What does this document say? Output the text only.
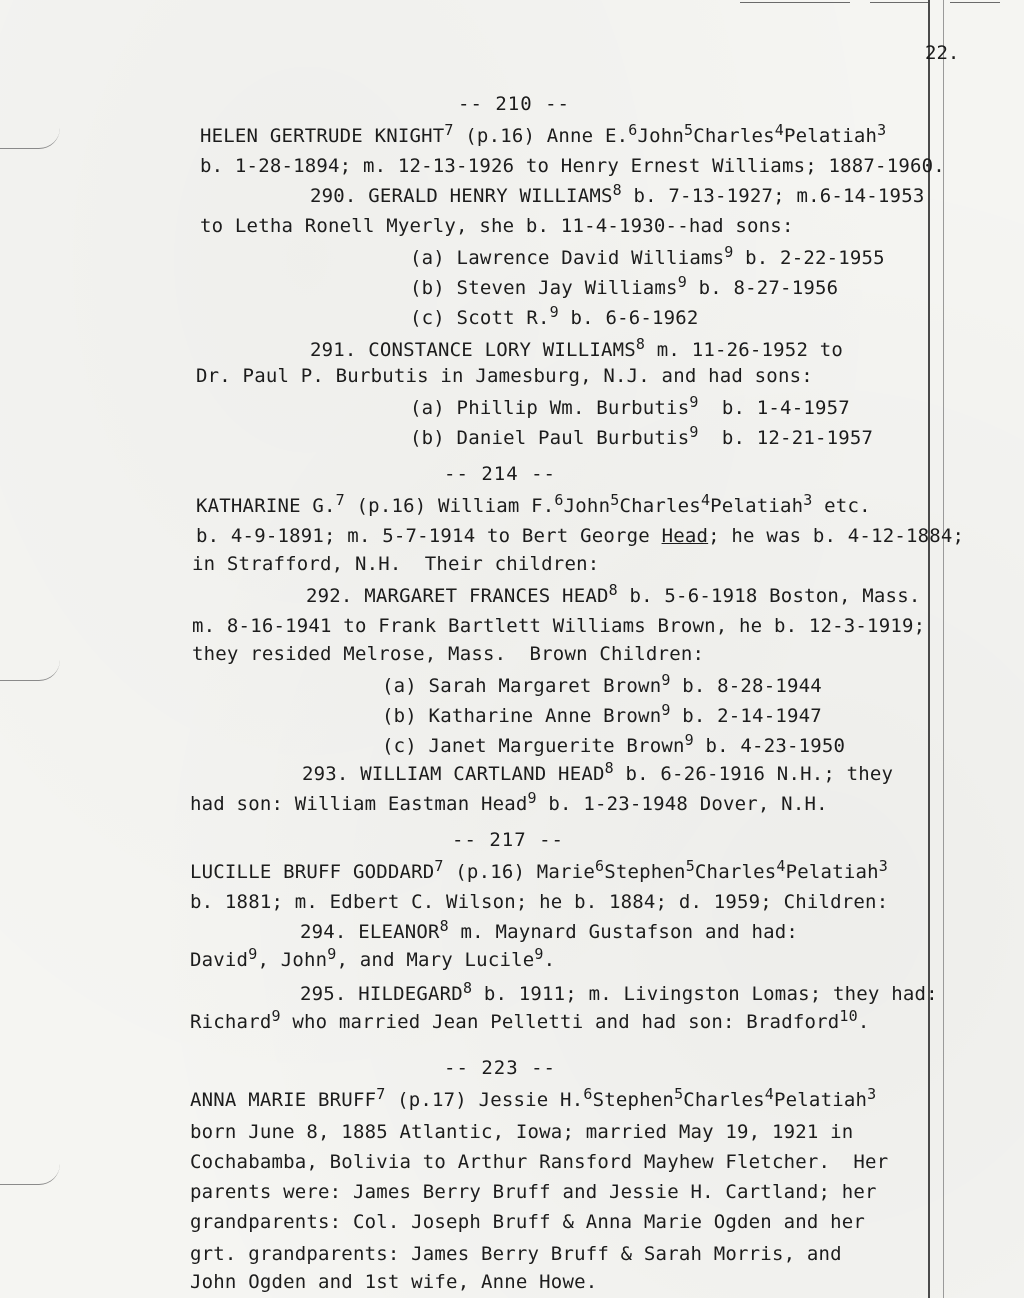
22.
-- 210 --
HELEN GERTRUDE KNIGHT$^7$ (p.16) Anne E.$^6$John$^5$Charles$^4$Pelatiah$^3$
b. 1-28-1894; m. 12-13-1926 to Henry Ernest Williams; 1887-1960.
290. GERALD HENRY WILLIAMS$^8$ b. 7-13-1927; m.6-14-1953
to Letha Ronell Myerly, she b. 11-4-1930--had sons:
(a) Lawrence David Williams$^9$ b. 2-22-1955
(b) Steven Jay Williams$^9$ b. 8-27-1956
(c) Scott R.$^9$ b. 6-6-1962
291. CONSTANCE LORY WILLIAMS$^8$ m. 11-26-1952 to
Dr. Paul P. Burbutis in Jamesburg, N.J. and had sons:
(a) Phillip Wm. Burbutis$^9$  b. 1-4-1957
(b) Daniel Paul Burbutis$^9$  b. 12-21-1957
-- 214 --
KATHARINE G.$^7$ (p.16) William F.$^6$John$^5$Charles$^4$Pelatiah$^3$ etc.
b. 4-9-1891; m. 5-7-1914 to Bert George Head; he was b. 4-12-1884;
in Strafford, N.H.  Their children:
292. MARGARET FRANCES HEAD$^8$ b. 5-6-1918 Boston, Mass.
m. 8-16-1941 to Frank Bartlett Williams Brown, he b. 12-3-1919;
they resided Melrose, Mass.  Brown Children:
(a) Sarah Margaret Brown$^9$ b. 8-28-1944
(b) Katharine Anne Brown$^9$ b. 2-14-1947
(c) Janet Marguerite Brown$^9$ b. 4-23-1950
293. WILLIAM CARTLAND HEAD$^8$ b. 6-26-1916 N.H.; they
had son: William Eastman Head$^9$ b. 1-23-1948 Dover, N.H.
-- 217 --
LUCILLE BRUFF GODDARD$^7$ (p.16) Marie$^6$Stephen$^5$Charles$^4$Pelatiah$^3$
b. 1881; m. Edbert C. Wilson; he b. 1884; d. 1959; Children:
294. ELEANOR$^8$ m. Maynard Gustafson and had:
David$^9$, John$^9$, and Mary Lucile$^9$.
295. HILDEGARD$^8$ b. 1911; m. Livingston Lomas; they had:
Richard$^9$ who married Jean Pelletti and had son: Bradford$^{10}$.
-- 223 --
ANNA MARIE BRUFF$^7$ (p.17) Jessie H.$^6$Stephen$^5$Charles$^4$Pelatiah$^3$
born June 8, 1885 Atlantic, Iowa; married May 19, 1921 in
Cochabamba, Bolivia to Arthur Ransford Mayhew Fletcher.  Her
parents were: James Berry Bruff and Jessie H. Cartland; her
grandparents: Col. Joseph Bruff & Anna Marie Ogden and her
grt. grandparents: James Berry Bruff & Sarah Morris, and
John Ogden and 1st wife, Anne Howe.
